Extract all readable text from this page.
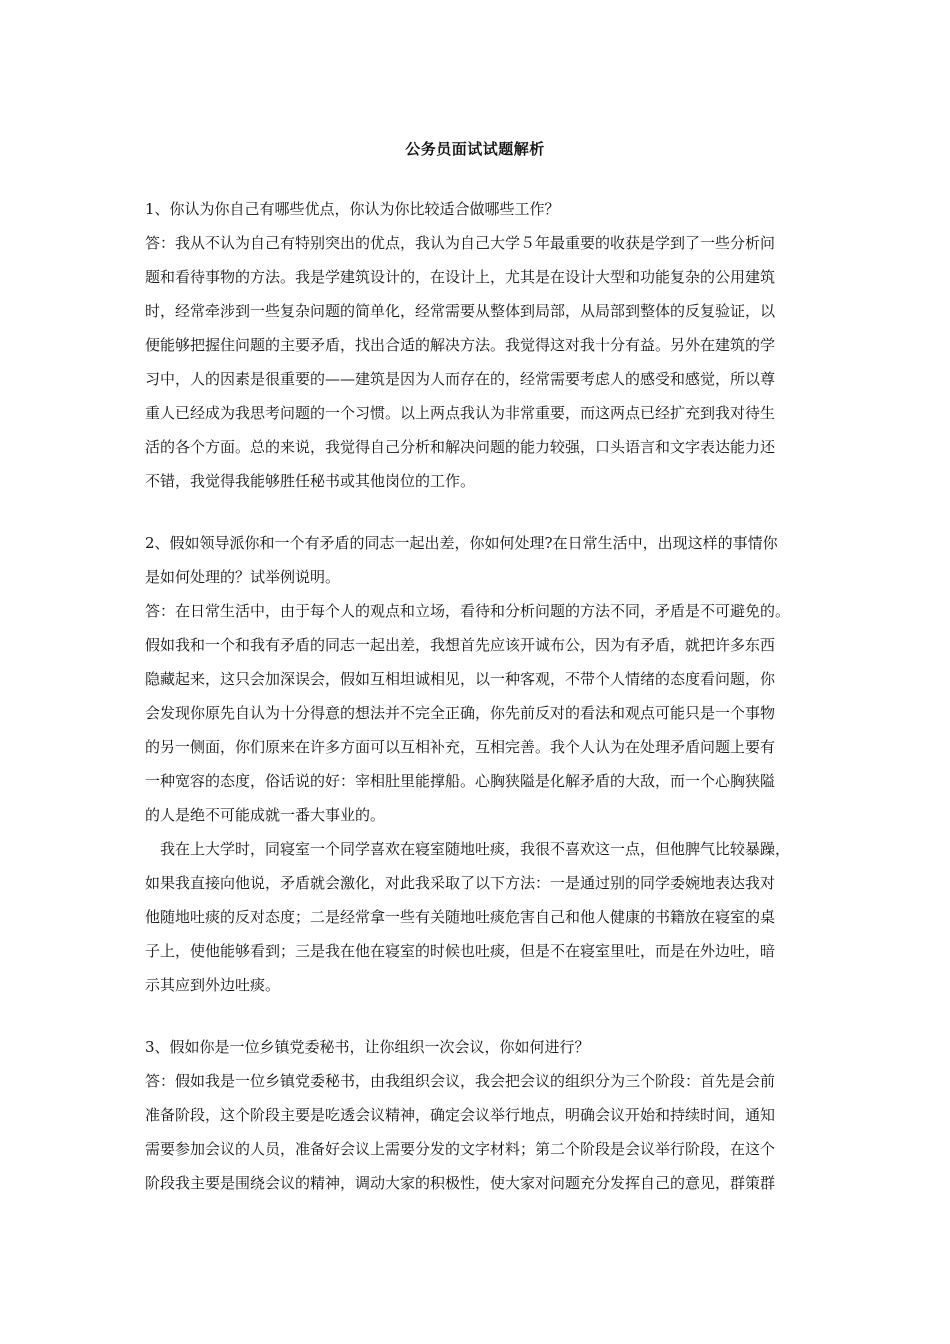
公务员面试试题解析
1、你认为你自己有哪些优点，你认为你比较适合做哪些工作？
答：我从不认为自己有特别突出的优点，我认为自己大学５年最重要的收获是学到了一些分析问
题和看待事物的方法。我是学建筑设计的，在设计上，尤其是在设计大型和功能复杂的公用建筑
时，经常牵涉到一些复杂问题的简单化，经常需要从整体到局部，从局部到整体的反复验证，以
便能够把握住问题的主要矛盾，找出合适的解决方法。我觉得这对我十分有益。另外在建筑的学
习中，人的因素是很重要的——建筑是因为人而存在的，经常需要考虑人的感受和感觉，所以尊
重人已经成为我思考问题的一个习惯。以上两点我认为非常重要，而这两点已经扩充到我对待生
活的各个方面。总的来说，我觉得自己分析和解决问题的能力较强，口头语言和文字表达能力还
不错，我觉得我能够胜任秘书或其他岗位的工作。
2、假如领导派你和一个有矛盾的同志一起出差，你如何处理?在日常生活中，出现这样的事情你
是如何处理的？试举例说明。
答：在日常生活中，由于每个人的观点和立场，看待和分析问题的方法不同，矛盾是不可避免的。
假如我和一个和我有矛盾的同志一起出差，我想首先应该开诚布公，因为有矛盾，就把许多东西
隐藏起来，这只会加深误会，假如互相坦诚相见，以一种客观，不带个人情绪的态度看问题，你
会发现你原先自认为十分得意的想法并不完全正确，你先前反对的看法和观点可能只是一个事物
的另一侧面，你们原来在许多方面可以互相补充，互相完善。我个人认为在处理矛盾问题上要有
一种宽容的态度，俗话说的好：宰相肚里能撑船。心胸狭隘是化解矛盾的大敌，而一个心胸狭隘
的人是绝不可能成就一番大事业的。
　我在上大学时，同寝室一个同学喜欢在寝室随地吐痰，我很不喜欢这一点，但他脾气比较暴躁，
如果我直接向他说，矛盾就会激化，对此我采取了以下方法：一是通过别的同学委婉地表达我对
他随地吐痰的反对态度；二是经常拿一些有关随地吐痰危害自己和他人健康的书籍放在寝室的桌
子上，使他能够看到；三是我在他在寝室的时候也吐痰，但是不在寝室里吐，而是在外边吐，暗
示其应到外边吐痰。
3、假如你是一位乡镇党委秘书，让你组织一次会议，你如何进行？
答：假如我是一位乡镇党委秘书，由我组织会议，我会把会议的组织分为三个阶段：首先是会前
准备阶段，这个阶段主要是吃透会议精神，确定会议举行地点，明确会议开始和持续时间，通知
需要参加会议的人员，准备好会议上需要分发的文字材料；第二个阶段是会议举行阶段，在这个
阶段我主要是围绕会议的精神，调动大家的积极性，使大家对问题充分发挥自己的意见，群策群
